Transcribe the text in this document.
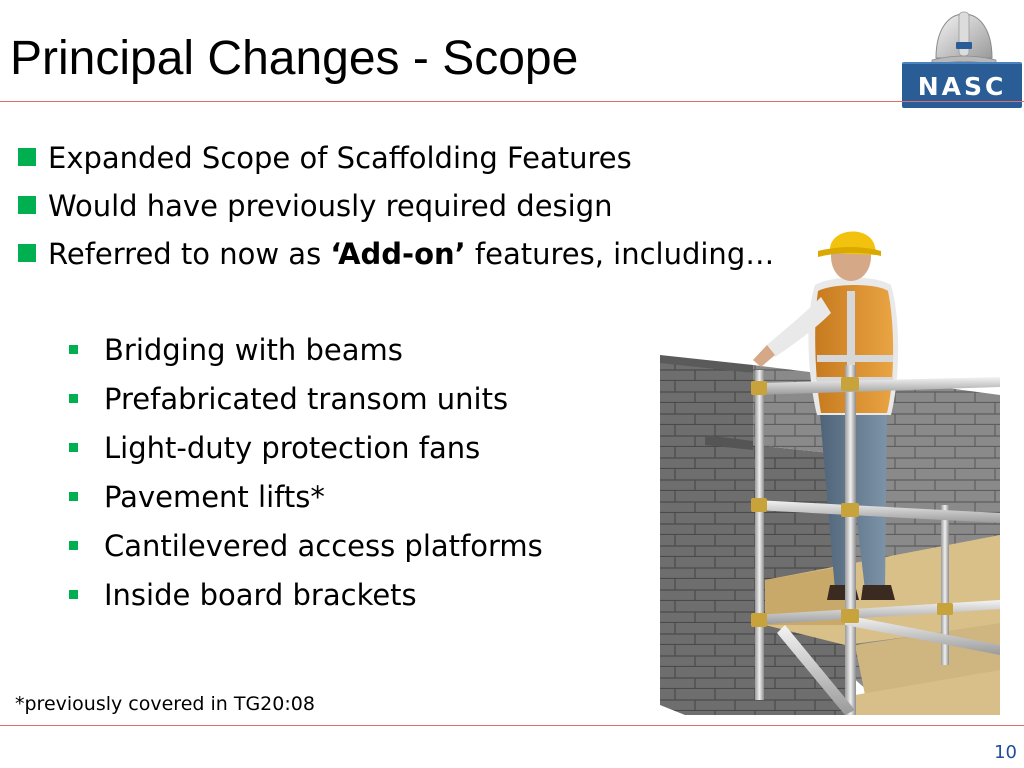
Principal Changes - Scope
NASC
Expanded Scope of Scaffolding Features
Would have previously required design
Referred to now as ‘Add-on’ features, including…
Bridging with beams
Prefabricated transom units
Light-duty protection fans
Pavement lifts*
Cantilevered access platforms
Inside board brackets

*previously covered in TG20:08

10
